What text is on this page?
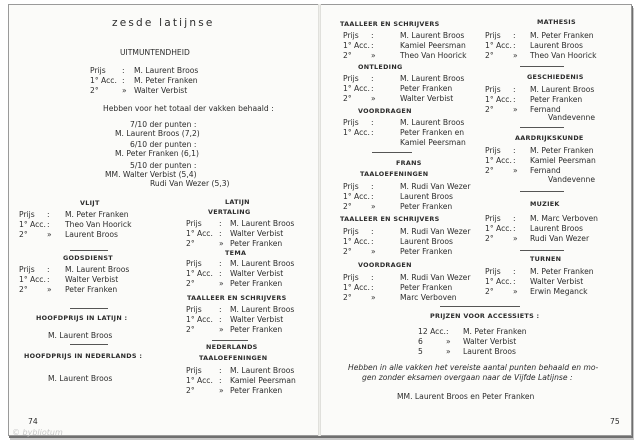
zesde latijnse
UITMUNTENDHEID
Prijs : M. Laurent Broos
1° Acc. : M. Peter Franken
2°	» Walter Verbist
Hebben voor het totaal der vakken behaald :
7/10 der punten :
M. Laurent Broos (7,2)
6/10 der punten :
M. Peter Franken (6,1)
5/10 der punten :
MM. Walter Verbist (5,4)
Rudi Van Wezer (5,3)
VLIJT
Prijs : M. Peter Franken
1° Acc. : Theo Van Hoorick
2°	» Laurent Broos
GODSDIENST
Prijs : M. Laurent Broos
1° Acc. : Walter Verbist
2°	» Peter Franken
HOOFDPRIJS IN LATIJN :
M. Laurent Broos
HOOFDPRIJS IN NEDERLANDS :
M. Laurent Broos
LATIJN
VERTALING
Prijs : M. Laurent Broos
1° Acc. : Walter Verbist
2°	» Peter Franken
TEMA
Prijs : M. Laurent Broos
1° Acc. : Walter Verbist
2°	» Peter Franken
TAALLEER EN SCHRIJVERS
Prijs : M. Laurent Broos
1° Acc. : Walter Verbist
2°	» Peter Franken
NEDERLANDS
TAALOEFENINGEN
Prijs : M. Laurent Broos
1° Acc. : Kamiel Peersman
2°	» Peter Franken
74
TAALLEER EN SCHRIJVERS
Prijs :	M. Laurent Broos
1° Acc. :	Kamiel Peersman
2°	»	Theo Van Hoorick
ONTLEDING
Prijs :	M. Laurent Broos
1° Acc. :	Peter Franken
2°	»	Walter Verbist
VOORDRAGEN
Prijs :	M. Laurent Broos
1° Acc. :	Peter Franken en
Kamiel Peersman
FRANS
TAALOEFENINGEN
Prijs :	M. Rudi Van Wezer
1° Acc. :	Laurent Broos
2°	»	Peter Franken
TAALLEER EN SCHRIJVERS
Prijs :	M. Rudi Van Wezer
1° Acc. :	Laurent Broos
2°	»	Peter Franken
VOORDRAGEN
Prijs :	M. Rudi Van Wezer
1° Acc. :	Peter Franken
2°	»	Marc Verboven
MATHESIS
Prijs : M. Peter Franken
1° Acc. : Laurent Broos
2°	» Theo Van Hoorick
GESCHIEDENIS
Prijs : M. Laurent Broos
1° Acc. : Peter Franken
2°	» Fernand
Vandevenne
AARDRIJKSKUNDE
Prijs : M. Peter Franken
1° Acc. : Kamiel Peersman
2°	» Fernand
Vandevenne
MUZIEK
Prijs : M. Marc Verboven
1° Acc. : Laurent Broos
2°	» Rudi Van Wezer
TURNEN
Prijs : M. Peter Franken
1° Acc. : Walter Verbist
2°	» Erwin Meganck
PRIJZEN VOOR ACCESSIETS :
12 Acc. : M. Peter Franken
6	» Walter Verbist
5	» Laurent Broos
Hebben in alle vakken het vereiste aantal punten behaald en mo-
gen zonder eksamen overgaan naar de Vijfde Latijnse :
MM. Laurent Broos en Peter Franken
75
© bybliotum
